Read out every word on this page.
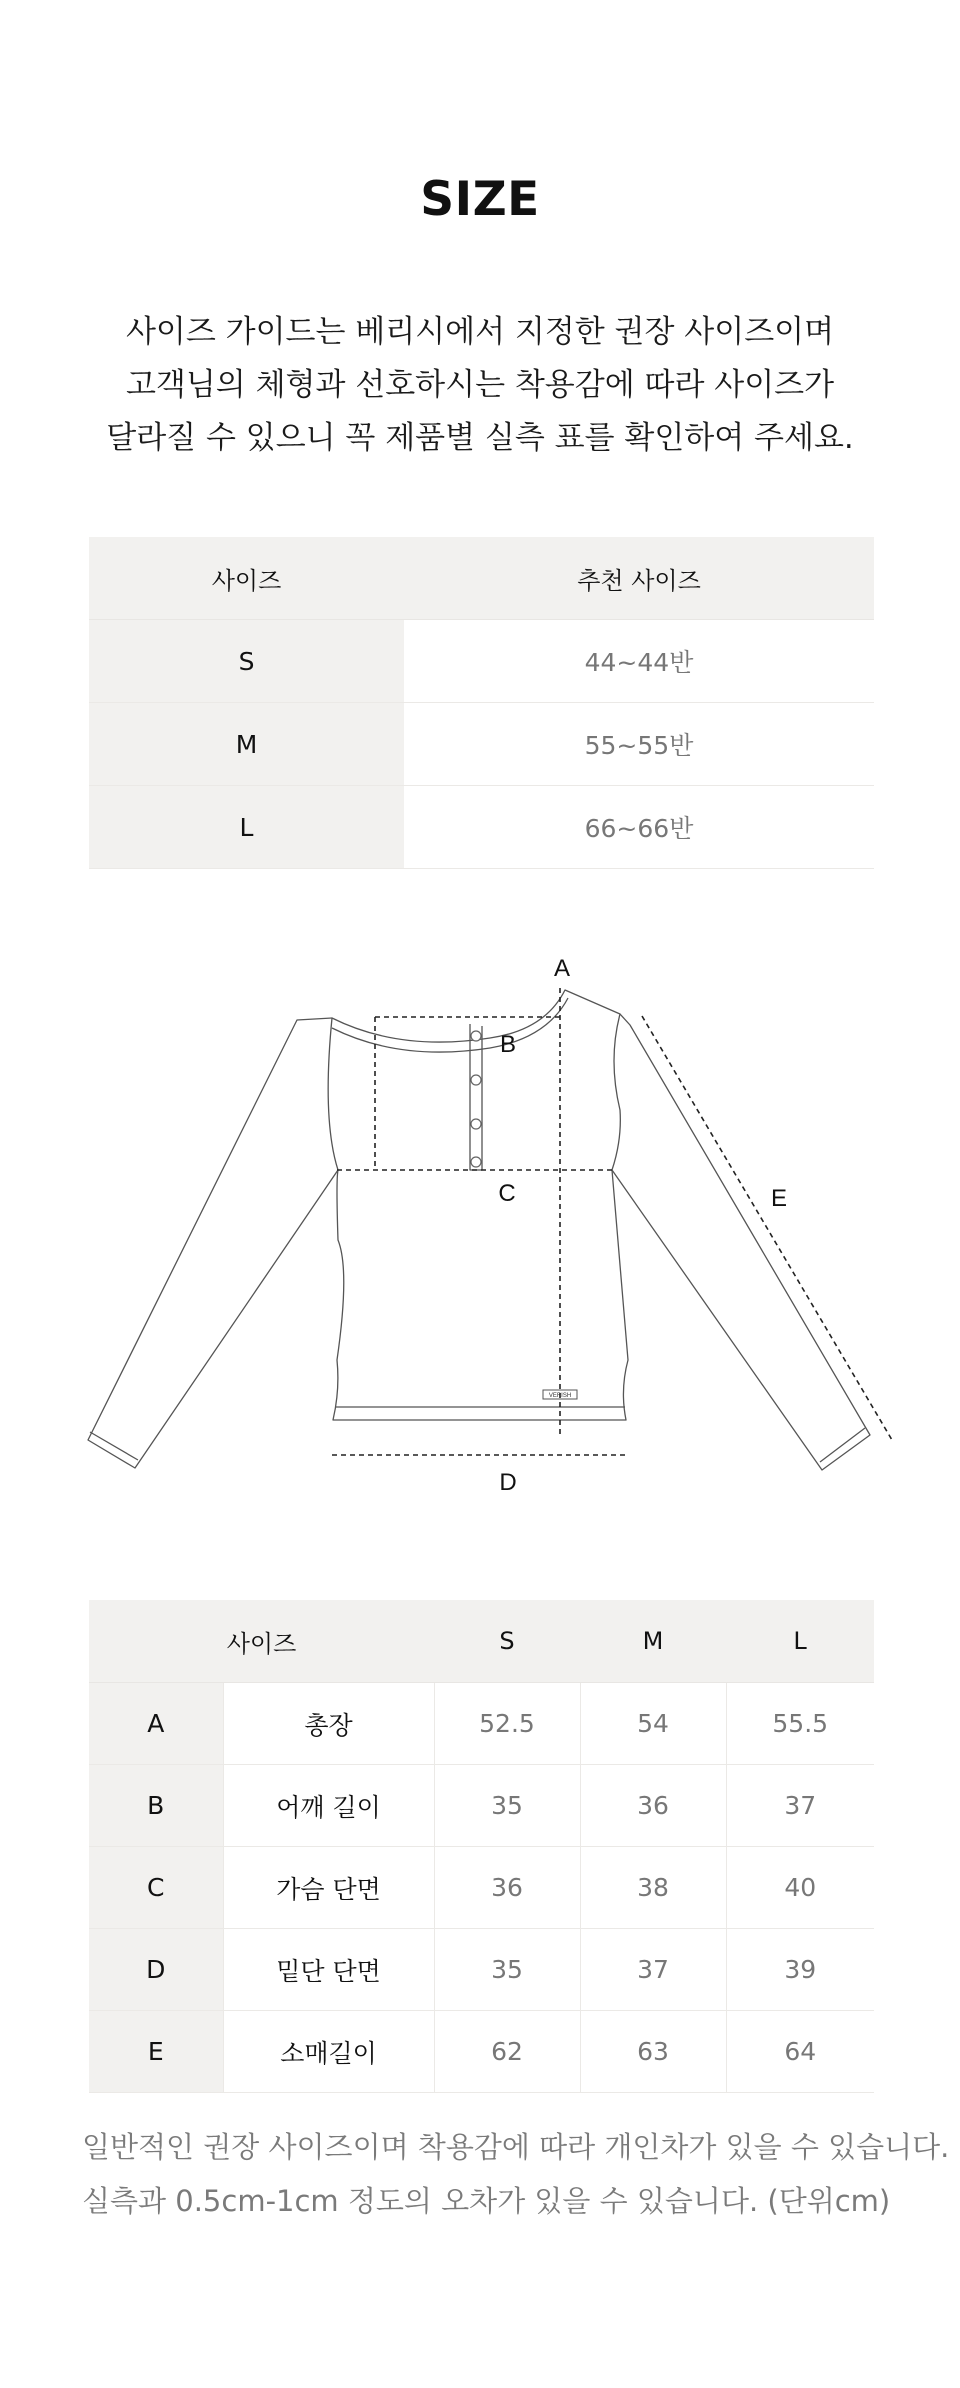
SIZE
사이즈 가이드는 베리시에서 지정한 권장 사이즈이며
고객님의 체형과 선호하시는 착용감에 따라 사이즈가
달라질 수 있으니 꼭 제품별 실측 표를 확인하여 주세요.
사이즈	추천 사이즈
S	44~44반
M	55~55반
L	66~66반
VERISH
A
B
C
D
E
사이즈		S	M	L
A	총장	52.5	54	55.5
B	어깨 길이	35	36	37
C	가슴 단면	36	38	40
D	밑단 단면	35	37	39
E	소매길이	62	63	64
일반적인 권장 사이즈이며 착용감에 따라 개인차가 있을 수 있습니다.
실측과 0.5cm-1cm 정도의 오차가 있을 수 있습니다. (단위cm)
